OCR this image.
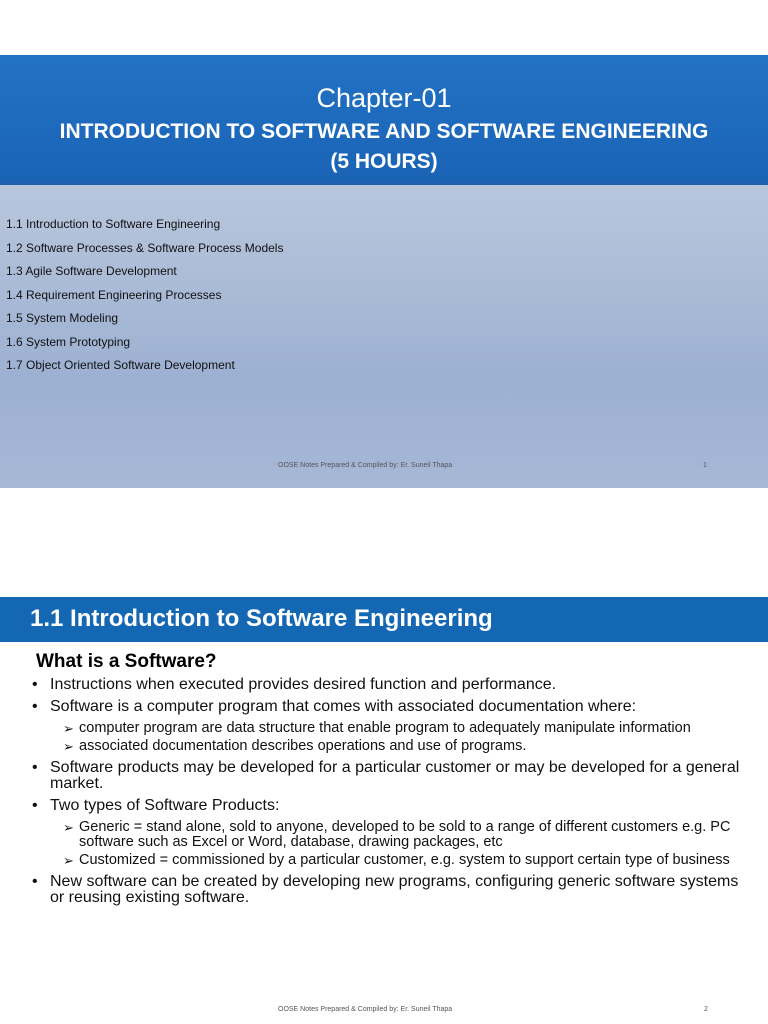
Chapter-01
INTRODUCTION TO SOFTWARE AND SOFTWARE ENGINEERING
(5 HOURS)
1.1 Introduction to Software Engineering
1.2 Software Processes & Software Process Models
1.3 Agile Software Development
1.4 Requirement Engineering Processes
1.5 System Modeling
1.6 System Prototyping
1.7 Object Oriented Software Development
OOSE Notes Prepared & Compiled by: Er. Suneil Thapa	1
1.1 Introduction to Software Engineering
What is a Software?
• Instructions when executed provides desired function and performance.
• Software is a computer program that comes with associated documentation where:
➢ computer program are data structure that enable program to adequately manipulate information
➢ associated documentation describes operations and use of programs.
• Software products may be developed for a particular customer or may be developed for a general market.
• Two types of Software Products:
➢ Generic = stand alone, sold to anyone, developed to be sold to a range of different customers e.g. PC software such as Excel or Word, database, drawing packages, etc
➢ Customized = commissioned by a particular customer, e.g. system to support certain type of business
• New software can be created by developing new programs, configuring generic software systems or reusing existing software.
OOSE Notes Prepared & Compiled by: Er. Suneil Thapa	2
